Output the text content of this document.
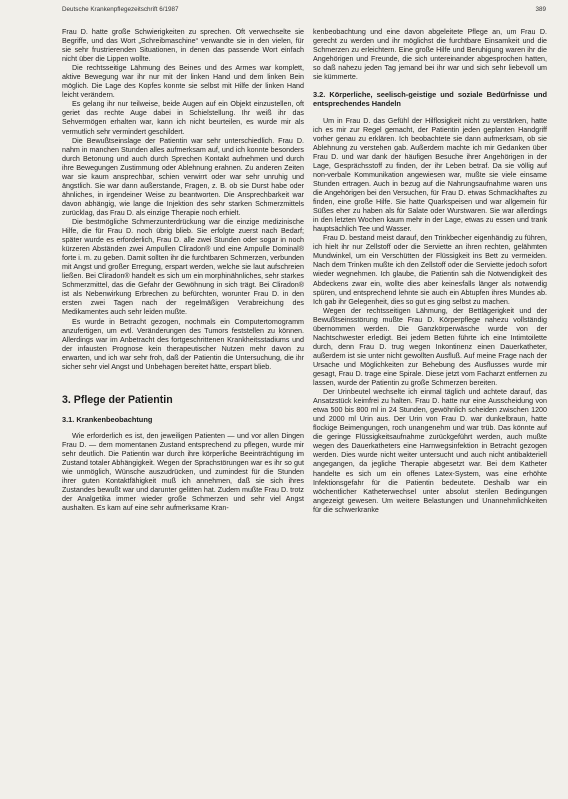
Deutsche Krankenpflegezeitschrift 6/1987	389

Frau D. hatte große Schwierigkeiten zu sprechen. Oft verwechselte sie Begriffe, und das Wort „Schreibmaschine“ verwandte sie in den vielen, für sie sehr frustrierenden Situationen, in denen das passende Wort einfach nicht über die Lippen wollte.

Die rechtsseitige Lähmung des Beines und des Armes war komplett, aktive Bewegung war ihr nur mit der linken Hand und dem linken Bein möglich. Die Lage des Kopfes konnte sie selbst mit Hilfe der linken Hand leicht verändern.

Es gelang ihr nur teilweise, beide Augen auf ein Objekt einzustellen, oft geriet das rechte Auge dabei in Schielstellung. Ihr weiß ihr das Sehvermögen erhalten war, kann ich nicht beurteilen, es wurde mir als vermutlich sehr vermindert geschildert.

Die Bewußtseinslage der Patientin war sehr unterschiedlich. Frau D. nahm in manchen Stunden alles aufmerksam auf, und ich konnte besonders durch Betonung und auch durch Sprechen Kontakt aufnehmen und durch ihre Bewegungen Zustimmung oder Ablehnung erahnen. Zu anderen Zeiten war sie kaum ansprechbar, schien verwirrt oder war sehr unruhig und ängstlich. Sie war dann außerstande, Fragen, z. B. ob sie Durst habe oder ähnliches, in irgendeiner Weise zu beantworten. Die Ansprechbarkeit war davon abhängig, wie lange die Injektion des sehr starken Schmerzmittels zurücklag, das Frau D. als einzige Therapie noch erhielt.

Die bestmögliche Schmerzunterdrückung war die einzige medizinische Hilfe, die für Frau D. noch übrig blieb. Sie erfolgte zuerst nach Bedarf; später wurde es erforderlich, Frau D. alle zwei Stunden oder sogar in noch kürzeren Abständen zwei Ampullen Cliradon® und eine Ampulle Dominal® forte i. m. zu geben. Damit sollten ihr die furchtbaren Schmerzen, verbunden mit Angst und großer Erregung, erspart werden, welche sie laut aufschreien ließen. Bei Cliradon® handelt es sich um ein morphinähnliches, sehr starkes Schmerzmittel, das die Gefahr der Gewöhnung in sich trägt. Bei Cliradon® ist als Nebenwirkung Erbrechen zu befürchten, worunter Frau D. in den ersten zwei Tagen nach der regelmäßigen Verabreichung des Medikamentes auch sehr leiden mußte.

Es wurde in Betracht gezogen, nochmals ein Computertomogramm anzufertigen, um evtl. Veränderungen des Tumors feststellen zu können. Allerdings war im Anbetracht des fortgeschrittenen Krankheitsstadiums und der infausten Prognose kein therapeutischer Nutzen mehr davon zu erwarten, und ich war sehr froh, daß der Patientin die Untersuchung, die ihr sicher sehr viel Angst und Unbehagen bereitet hätte, erspart blieb.

3. Pflege der Patientin
3.1. Krankenbeobachtung

Wie erforderlich es ist, den jeweiligen Patienten — und vor allen Dingen Frau D. — dem momentanen Zustand entsprechend zu pflegen, wurde mir sehr deutlich. Die Patientin war durch ihre körperliche Beeinträchtigung im Zustand totaler Abhängigkeit. Wegen der Sprachstörungen war es ihr so gut wie unmöglich, Wünsche auszudrücken, und zumindest für die Stunden ihrer guten Kontaktfähigkeit muß ich annehmen, daß sie sich ihres Zustandes bewußt war und darunter gelitten hat. Zudem mußte Frau D. trotz der Analgetika immer wieder große Schmerzen und sehr viel Angst aushalten. Es kam auf eine sehr aufmerksame Kran-

kenbeobachtung und eine davon abgeleitete Pflege an, um Frau D. gerecht zu werden und ihr möglichst die furchtbare Einsamkeit und die Schmerzen zu erleichtern. Eine große Hilfe und Beruhigung waren ihr die Angehörigen und Freunde, die sich untereinander abgesprochen hatten, so daß nahezu jeden Tag jemand bei ihr war und sich sehr liebevoll um sie kümmerte.

3.2. Körperliche, seelisch-geistige und soziale Bedürfnisse und entsprechendes Handeln

Um in Frau D. das Gefühl der Hilflosigkeit nicht zu verstärken, hatte ich es mir zur Regel gemacht, der Patientin jeden geplanten Handgriff vorher genau zu erklären. Ich beobachtete sie dann aufmerksam, ob sie Ablehnung zu verstehen gab. Außerdem machte ich mir Gedanken über Frau D. und war dank der häufigen Besuche ihrer Angehörigen in der Lage, Gesprächsstoff zu finden, der ihr Leben betraf. Da sie völlig auf non-verbale Kommunikation angewiesen war, mußte sie viele einsame Stunden ertragen. Auch in bezug auf die Nahrungsaufnahme waren uns die Angehörigen bei den Versuchen, für Frau D. etwas Schmackhaftes zu finden, eine große Hilfe. Sie hatte Quarkspeisen und war allgemein für Süßes eher zu haben als für Salate oder Wurstwaren. Sie war allerdings in den letzten Wochen kaum mehr in der Lage, etwas zu essen und trank hauptsächlich Tee und Wasser.

Frau D. bestand meist darauf, den Trinkbecher eigenhändig zu führen, ich hielt ihr nur Zellstoff oder die Serviette an ihren rechten, gelähmten Mundwinkel, um ein Verschütten der Flüssigkeit ins Bett zu vermeiden. Nach dem Trinken mußte ich den Zellstoff oder die Serviette jedoch sofort wieder wegnehmen. Ich glaube, die Patientin sah die Notwendigkeit des Abdeckens zwar ein, wollte dies aber keinesfalls länger als notwendig spüren, und entsprechend lehnte sie auch ein Abtupfen ihres Mundes ab. Ich gab ihr Gelegenheit, dies so gut es ging selbst zu machen.

Wegen der rechtsseitigen Lähmung, der Bettlägerigkeit und der Bewußtseinsstörung mußte Frau D. Körperpflege nahezu vollständig übernommen werden. Die Ganzkörperwäsche wurde von der Nachtschwester erledigt. Bei jedem Betten führte ich eine Intimtoilette durch, denn Frau D. trug wegen Inkontinenz einen Dauerkatheter, außerdem ist sie unter nicht gewollten Ausfluß. Auf meine Frage nach der Ursache und Möglichkeiten zur Behebung des Ausflusses wurde mir gesagt, Frau D. trage eine Spirale. Diese jetzt vom Facharzt entfernen zu lassen, wurde der Patientin zu große Schmerzen bereiten.

Der Urinbeutel wechselte ich einmal täglich und achtete darauf, das Ansatzstück keimfrei zu halten. Frau D. hatte nur eine Ausscheidung von etwa 500 bis 800 ml in 24 Stunden, gewöhnlich scheiden zwischen 1200 und 2000 ml Urin aus. Der Urin von Frau D. war dunkelbraun, hatte flockige Beimengungen, roch unangenehm und war trüb. Das könnte auf die geringe Flüssigkeitsaufnahme zurückgeführt werden, auch mußte wegen des Dauerkatheters eine Harnwegsinfektion in Betracht gezogen werden. Dies wurde nicht weiter untersucht und auch nicht antibakteriell angegangen, da jegliche Therapie abgesetzt war. Bei dem Katheter handelte es sich um ein offenes Latex-System, was eine erhöhte Infektionsgefahr für die Patientin bedeutete. Deshalb war ein wöchentlicher Katheterwechsel unter absolut sterilen Bedingungen angezeigt gewesen. Um weitere Belastungen und Unannehmlichkeiten für die schwerkranke
